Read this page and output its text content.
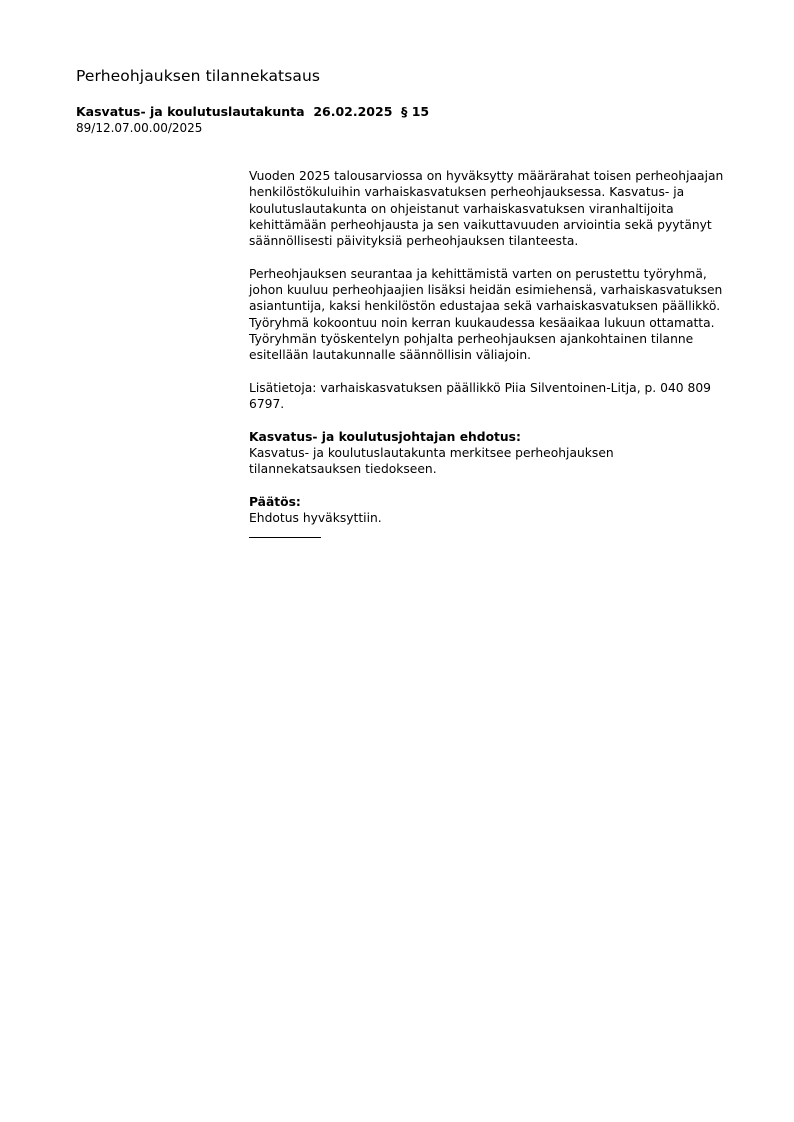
Perheohjauksen tilannekatsaus
Kasvatus- ja koulutuslautakunta 26.02.2025 § 15
89/12.07.00.00/2025

Vuoden 2025 talousarviossa on hyväksytty määrärahat toisen perheohjaajan henkilöstökuluihin varhaiskasvatuksen perheohjauksessa. Kasvatus- ja koulutuslautakunta on ohjeistanut varhaiskasvatuksen viranhaltijoita kehittämään perheohjausta ja sen vaikuttavuuden arviointia sekä pyytänyt säännöllisesti päivityksiä perheohjauksen tilanteesta.

Perheohjauksen seurantaa ja kehittämistä varten on perustettu työryhmä, johon kuuluu perheohjaajien lisäksi heidän esimiehensä, varhaiskasvatuksen asiantuntija, kaksi henkilöstön edustajaa sekä varhaiskasvatuksen päällikkö. Työryhmä kokoontuu noin kerran kuukaudessa kesäaikaa lukuun ottamatta. Työryhmän työskentelyn pohjalta perheohjauksen ajankohtainen tilanne esitellään lautakunnalle säännöllisin väliajoin.

Lisätietoja: varhaiskasvatuksen päällikkö Piia Silventoinen-Litja, p. 040 809 6797.

Kasvatus- ja koulutusjohtajan ehdotus:
Kasvatus- ja koulutuslautakunta merkitsee perheohjauksen tilannekatsauksen tiedokseen.

Päätös:
Ehdotus hyväksyttiin.
